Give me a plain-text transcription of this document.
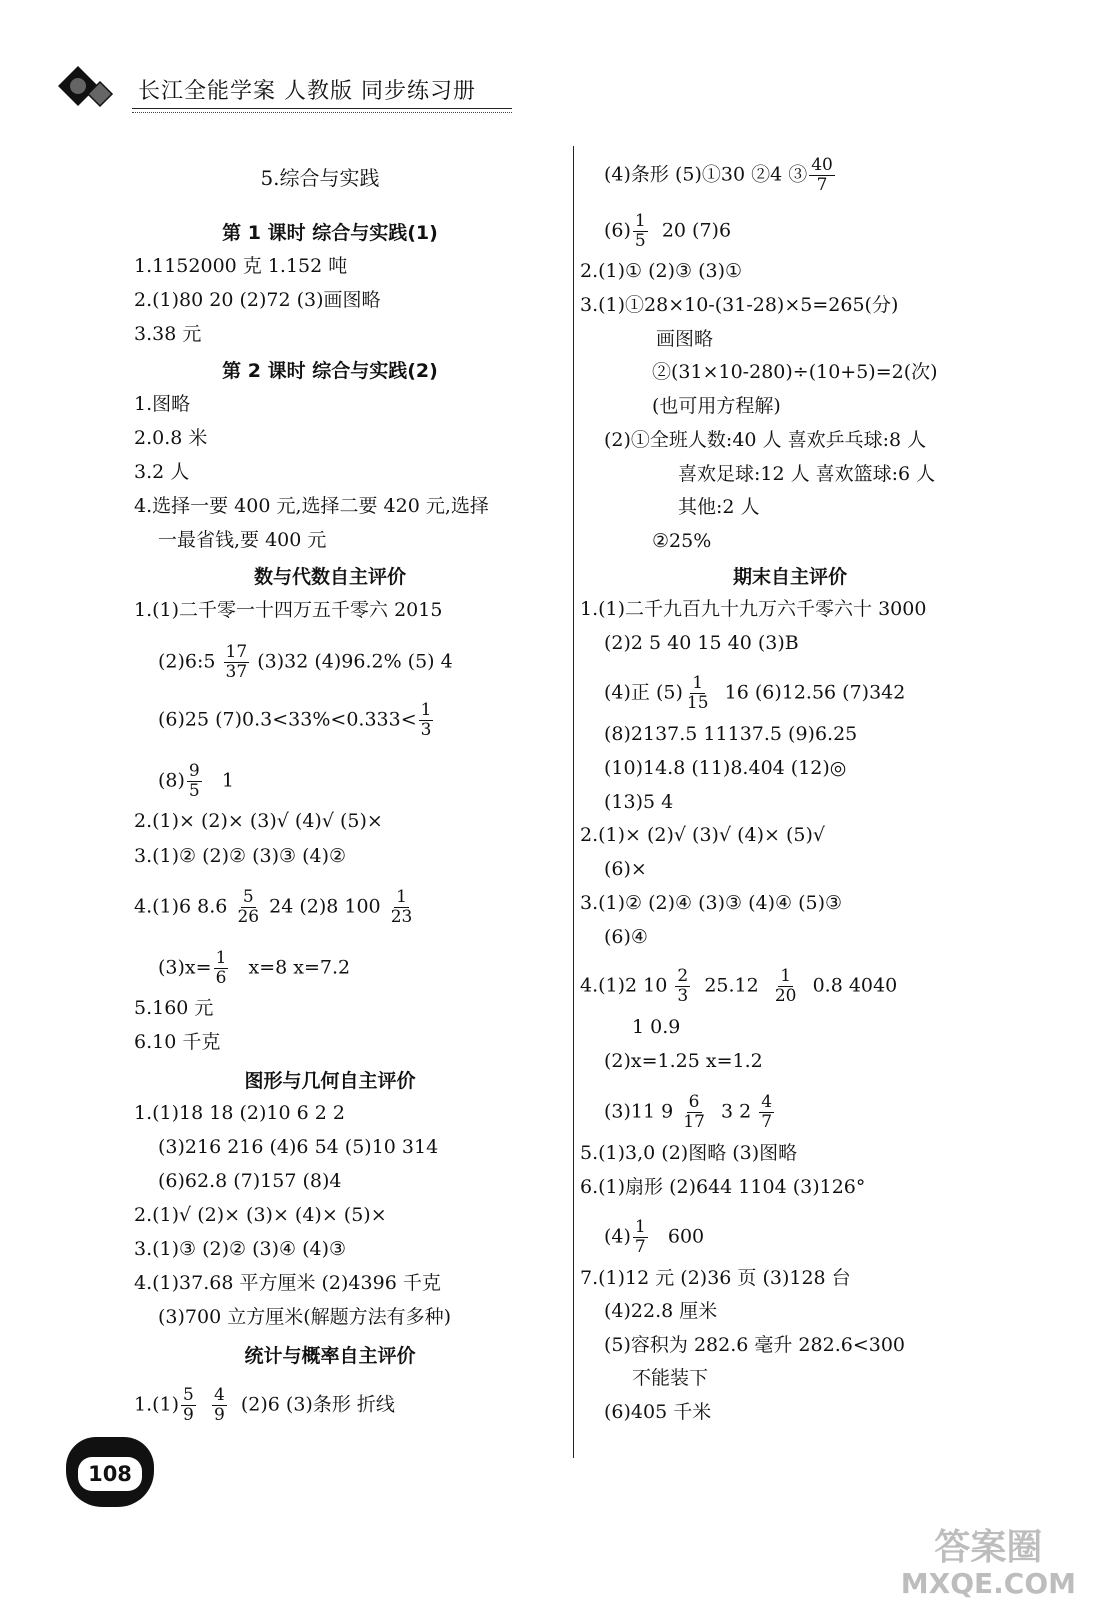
长江全能学案 人教版 同步练习册
5.综合与实践
第 1 课时 综合与实践(1)
1.1152000 克 1.152 吨
2.(1)80 20 (2)72 (3)画图略
3.38 元
第 2 课时 综合与实践(2)
1.图略
2.0.8 米
3.2 人
4.选择一要 400 元,选择二要 420 元,选择
一最省钱,要 400 元
数与代数自主评价
1.(1)二千零一十四万五千零六 2015
(2)6:5 $\frac{17}{37} (3)32$ (4)96.2% (5) 4
(6)25 $(7)0.3<33\%<0.333< \frac{1}{3}$
$(8) \frac{9}{5} 1$
2.(1)× (2)× (3)√ (4)√ (5)×
3.(1)② (2)② (3)③ (4)②
4.(1)6 $8.6 \frac{5}{26} 24$ (2)8 $100 \frac{1}{23}$
$(3)x= \frac{1}{6} x=8$ x=7.2
5.160 元
6.10 千克
图形与几何自主评价
1.(1)18 18 (2)10 6 2 2
(3)216 216 (4)6 54 (5)10 314
(6)62.8 (7)157 (8)4
2.(1)√ (2)× (3)× (4)× (5)×
3.(1)③ (2)② (3)④ (4)③
4.(1)37.68 平方厘米 (2)4396 千克
(3)700 立方厘米(解题方法有多种)
统计与概率自主评价
$1.(1) \frac{5}{9}$
$\frac{4}{9} (2)6$ (3)条形 折线
108
(4)条形 (5)①30 ②4 ③ $\frac{40}{7}$
$(6) \frac{1}{5} 20$ (7)6
2.(1)① (2)③ (3)①
3.(1)①28×10-(31-28)×5=265(分)
画图略
②(31×10-280)÷(10+5)=2(次)
(也可用方程解)
(2)①全班人数:40 人 喜欢乒乓球:8 人
喜欢足球:12 人 喜欢篮球:6 人
其他:2 人
②25%
期末自主评价
1.(1)二千九百九十九万六千零六十 3000
(2)2 5 40 15 40 (3)B
(4)正 $(5) \frac{1}{15} 16$ (6)12.56 (7)342
(8)2137.5 11137.5 (9)6.25
(10)14.8 (11)8.404 (12)◎
(13)5 4
2.(1)× (2)√ (3)√ (4)× (5)√
(6)×
3.(1)② (2)④ (3)③ (4)④ (5)③
(6)④
4.(1)2 $10 \frac{2}{3} 25.12 \frac{1}{20} 0.8$ 4040
1 0.9
(2)x=1.25 x=1.2
(3)11 $9 \frac{6}{17} 3$ $2 \frac{4}{7}$
5.(1)3,0 (2)图略 (3)图略
6.(1)扇形 (2)644 1104 (3)126°
$(4) \frac{1}{7} 600$
7.(1)12 元 (2)36 页 (3)128 台
(4)22.8 厘米
(5)容积为 282.6 毫升 282.6<300
不能装下
(6)405 千米
答案圈
MXQE.COM
